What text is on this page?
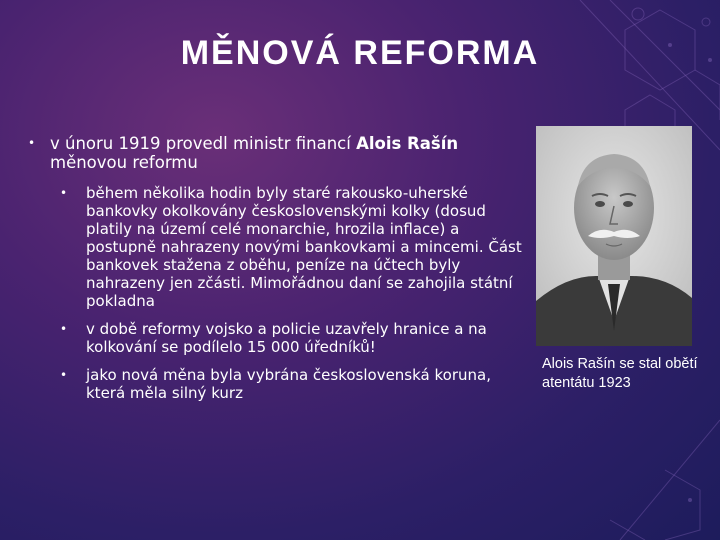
MĚNOVÁ REFORMA
• v únoru 1919 provedl ministr financí Alois Rašín měnovou reformu
• během několika hodin byly staré rakousko-uherské bankovky okolkovány československými kolky (dosud platily na území celé monarchie, hrozila inflace) a postupně nahrazeny novými bankovkami a mincemi. Část bankovek stažena z oběhu, peníze na účtech byly nahrazeny jen zčásti. Mimořádnou daní se zahojila státní pokladna
• v době reformy vojsko a policie uzavřely hranice a na kolkování se podílelo 15 000 úředníků!
• jako nová měna byla vybrána československá koruna, která měla silný kurz
Alois Rašín se stal obětí atentátu 1923
